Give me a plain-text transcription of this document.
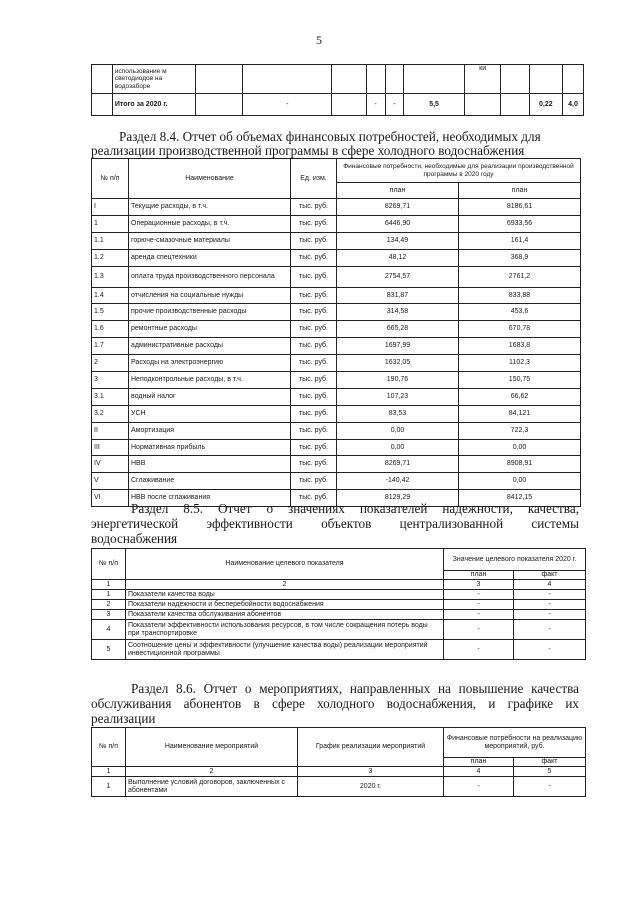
5
	использование м светодиодов на водозаборе							ки			
	Итого за 2020 г.		-		-	-	5,5			0,22	4,0
Раздел 8.4. Отчет об объемах финансовых потребностей, необходимых для
реализации производственной программы в сфере холодного водоснабжения
№ п/п	Наименование	Ед. изм.	Финансовые потребности, необходимые для реализации производственной программы в 2020 году	
			план	план
I	Текущие расходы, в т.ч.	тыс. руб.	8269,71	8186,61
1	Операционные расходы, в т.ч.	тыс. руб.	6446,90	6933,56
1.1	горюче-смазочные материалы	тыс. руб.	134,49	161,4
1.2	аренда спецтехники	тыс. руб.	48,12	368,9
1.3	оплата труда производственного персонала	тыс. руб.	2754,57	2761,2
1.4	отчисления на социальные нужды	тыс. руб.	831,87	833,88
1.5	прочие производственные расходы	тыс. руб.	314,58	453,6
1.6	ремонтные расходы	тыс. руб.	665,28	670,78
1.7	административные расходы	тыс. руб.	1697,99	1683,8
2	Расходы на электроэнергию	тыс. руб.	1632,05	1102,3
3	Неподконтрольные расходы, в т.ч.	тыс. руб.	190,76	150,75
3.1	водный налог	тыс. руб.	107,23	66,62
3.2	УСН	тыс. руб.	83,53	84,121
II	Амортизация	тыс. руб.	0,00	722,3
III	Нормативная прибыль	тыс. руб.	0,00	0,00
IV	НВВ	тыс. руб.	8269,71	8908,91
V	Сглаживание	тыс. руб.	-140,42	0,00
VI	НВВ после сглаживания	тыс. руб.	8129,29	8412,15
Раздел 8.5. Отчет о значениях показателей надежности, качества,
энергетической эффективности объектов централизованной системы
водоснабжения
№ п/п	Наименование целевого показателя	Значение целевого показателя 2020 г.	
		план	факт
1	2	3	4
1	Показатели качества воды	-	-
2	Показатели надежности и бесперебойности водоснабжения	-	-
3	Показатели качества обслуживания абонентов	-	-
4	Показатели эффективности использования ресурсов, в том числе сокращения потерь воды при транспортировке	-	-
5	Соотношение цены и эффективности (улучшение качества воды) реализации мероприятий инвестиционной программы	-	-
Раздел 8.6. Отчет о мероприятиях, направленных на повышение качества
обслуживания абонентов в сфере холодного водоснабжения, и графике их
реализации
№ п/п	Наименование мероприятий	График реализации мероприятий	Финансовые потребности на реализацию мероприятий, руб.	
			план	факт
1	2	3	4	5
1	Выполнение условий договоров, заключенных с абонентами	2020 г.	-	-
